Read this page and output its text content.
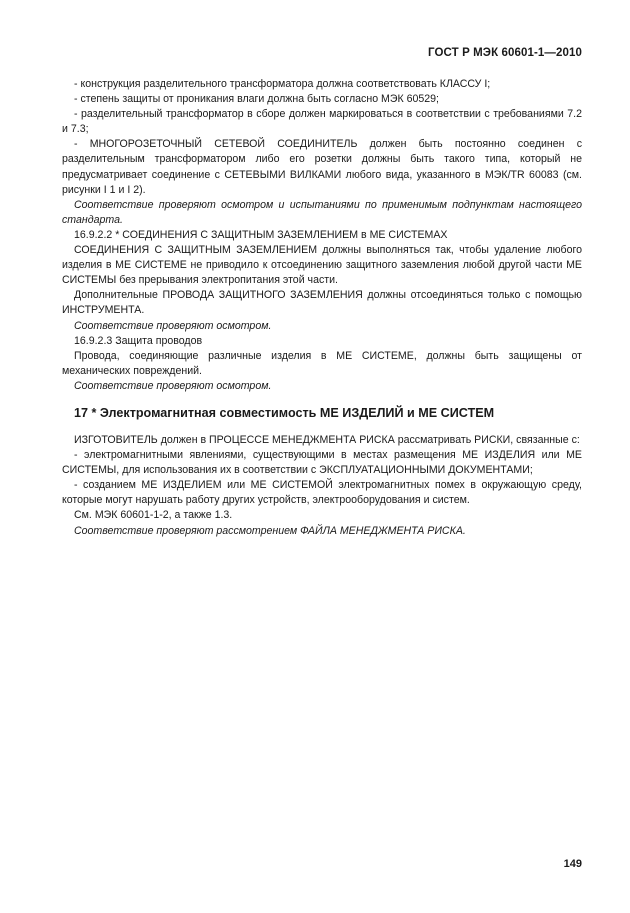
ГОСТ Р МЭК 60601-1—2010

- конструкция разделительного трансформатора должна соответствовать КЛАССУ I;

- степень защиты от проникания влаги должна быть согласно МЭК 60529;

- разделительный трансформатор в сборе должен маркироваться в соответствии с требованиями 7.2 и 7.3;

- МНОГОРОЗЕТОЧНЫЙ СЕТЕВОЙ СОЕДИНИТЕЛЬ должен быть постоянно соединен с разделительным трансформатором либо его розетки должны быть такого типа, который не предусматривает соединение с СЕТЕВЫМИ ВИЛКАМИ любого вида, указанного в МЭК/TR 60083 (см. рисунки I 1 и I 2).

Соответствие проверяют осмотром и испытаниями по применимым подпунктам настоящего стандарта.

16.9.2.2 * СОЕДИНЕНИЯ С ЗАЩИТНЫМ ЗАЗЕМЛЕНИЕМ в МЕ СИСТЕМАХ

СОЕДИНЕНИЯ С ЗАЩИТНЫМ ЗАЗЕМЛЕНИЕМ должны выполняться так, чтобы удаление любого изделия в МЕ СИСТЕМЕ не приводило к отсоединению защитного заземления любой другой части МЕ СИСТЕМЫ без прерывания электропитания этой части.

Дополнительные ПРОВОДА ЗАЩИТНОГО ЗАЗЕМЛЕНИЯ должны отсоединяться только с помощью ИНСТРУМЕНТА.

Соответствие проверяют осмотром.

16.9.2.3 Защита проводов

Провода, соединяющие различные изделия в МЕ СИСТЕМЕ, должны быть защищены от механических повреждений.

Соответствие проверяют осмотром.

17 * Электромагнитная совместимость МЕ ИЗДЕЛИЙ и МЕ СИСТЕМ

ИЗГОТОВИТЕЛЬ должен в ПРОЦЕССЕ МЕНЕДЖМЕНТА РИСКА рассматривать РИСКИ, связанные с:

- электромагнитными явлениями, существующими в местах размещения МЕ ИЗДЕЛИЯ или МЕ СИСТЕМЫ, для использования их в соответствии с ЭКСПЛУАТАЦИОННЫМИ ДОКУМЕНТАМИ;

- созданием МЕ ИЗДЕЛИЕМ или МЕ СИСТЕМОЙ электромагнитных помех в окружающую среду, которые могут нарушать работу других устройств, электрооборудования и систем.

См. МЭК 60601-1-2, а также 1.3.

Соответствие проверяют рассмотрением ФАЙЛА МЕНЕДЖМЕНТА РИСКА.

149
